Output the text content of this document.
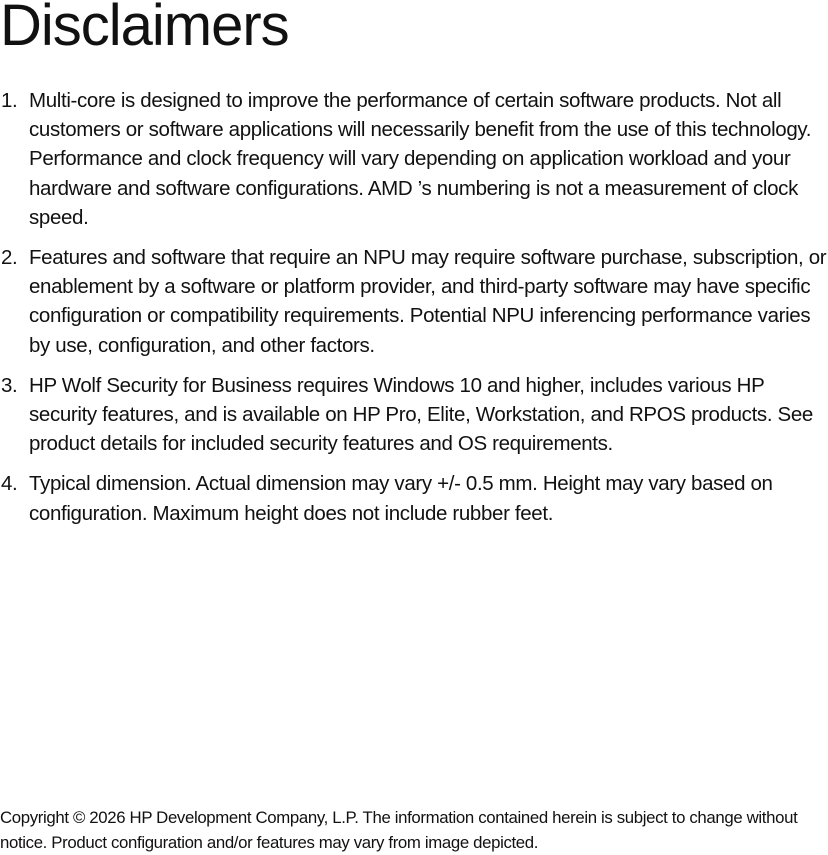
Disclaimers
1. Multi-core is designed to improve the performance of certain software products. Not all customers or software applications will necessarily benefit from the use of this technology. Performance and clock frequency will vary depending on application workload and your hardware and software configurations. AMD ’s numbering is not a measurement of clock speed.
2. Features and software that require an NPU may require software purchase, subscription, or enablement by a software or platform provider, and third-party software may have specific configuration or compatibility requirements. Potential NPU inferencing performance varies by use, configuration, and other factors.
3. HP Wolf Security for Business requires Windows 10 and higher, includes various HP security features, and is available on HP Pro, Elite, Workstation, and RPOS products. See product details for included security features and OS requirements.
4. Typical dimension. Actual dimension may vary +/- 0.5 mm. Height may vary based on configuration. Maximum height does not include rubber feet.

Copyright © 2026 HP Development Company, L.P. The information contained herein is subject to change without notice. Product configuration and/or features may vary from image depicted.
